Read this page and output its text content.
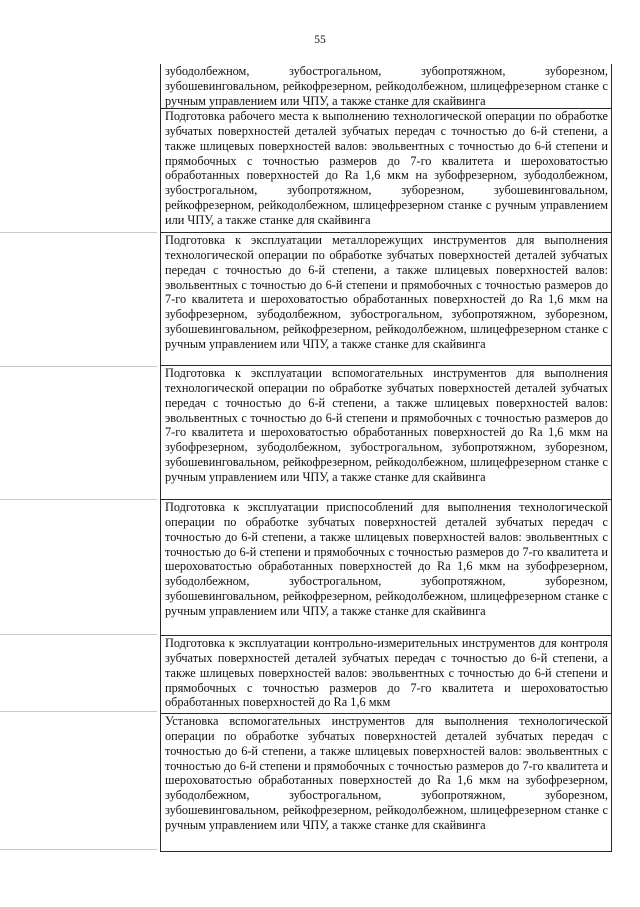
55
зубодолбежном, зубострогальном, зубопротяжном, зуборезном, зубошевинговальном, рейкофрезерном, рейкодолбежном, шлицефрезерном станке с ручным управлением или ЧПУ, а также станке для скайвинга
Подготовка рабочего места к выполнению технологической операции по обработке зубчатых поверхностей деталей зубчатых передач с точностью до 6-й степени, а также шлицевых поверхностей валов: эвольвентных с точностью до 6-й степени и прямобочных с точностью размеров до 7-го квалитета и шероховатостью обработанных поверхностей до Ra 1,6 мкм на зубофрезерном, зубодолбежном, зубострогальном, зубопротяжном, зуборезном, зубошевинговальном, рейкофрезерном, рейкодолбежном, шлицефрезерном станке с ручным управлением или ЧПУ, а также станке для скайвинга
Подготовка к эксплуатации металлорежущих инструментов для выполнения технологической операции по обработке зубчатых поверхностей деталей зубчатых передач с точностью до 6-й степени, а также шлицевых поверхностей валов: эвольвентных с точностью до 6-й степени и прямобочных с точностью размеров до 7-го квалитета и шероховатостью обработанных поверхностей до Ra 1,6 мкм на зубофрезерном, зубодолбежном, зубострогальном, зубопротяжном, зуборезном, зубошевинговальном, рейкофрезерном, рейкодолбежном, шлицефрезерном станке с ручным управлением или ЧПУ, а также станке для скайвинга
Подготовка к эксплуатации вспомогательных инструментов для выполнения технологической операции по обработке зубчатых поверхностей деталей зубчатых передач с точностью до 6-й степени, а также шлицевых поверхностей валов: эвольвентных с точностью до 6-й степени и прямобочных с точностью размеров до 7-го квалитета и шероховатостью обработанных поверхностей до Ra 1,6 мкм на зубофрезерном, зубодолбежном, зубострогальном, зубопротяжном, зуборезном, зубошевинговальном, рейкофрезерном, рейкодолбежном, шлицефрезерном станке с ручным управлением или ЧПУ, а также станке для скайвинга
Подготовка к эксплуатации приспособлений для выполнения технологической операции по обработке зубчатых поверхностей деталей зубчатых передач с точностью до 6-й степени, а также шлицевых поверхностей валов: эвольвентных с точностью до 6-й степени и прямобочных с точностью размеров до 7-го квалитета и шероховатостью обработанных поверхностей до Ra 1,6 мкм на зубофрезерном, зубодолбежном, зубострогальном, зубопротяжном, зуборезном, зубошевинговальном, рейкофрезерном, рейкодолбежном, шлицефрезерном станке с ручным управлением или ЧПУ, а также станке для скайвинга
Подготовка к эксплуатации контрольно-измерительных инструментов для контроля зубчатых поверхностей деталей зубчатых передач с точностью до 6-й степени, а также шлицевых поверхностей валов: эвольвентных с точностью до 6-й степени и прямобочных с точностью размеров до 7-го квалитета и шероховатостью обработанных поверхностей до Ra 1,6 мкм
Установка вспомогательных инструментов для выполнения технологической операции по обработке зубчатых поверхностей деталей зубчатых передач с точностью до 6-й степени, а также шлицевых поверхностей валов: эвольвентных с точностью до 6-й степени и прямобочных с точностью размеров до 7-го квалитета и шероховатостью обработанных поверхностей до Ra 1,6 мкм на зубофрезерном, зубодолбежном, зубострогальном, зубопротяжном, зуборезном, зубошевинговальном, рейкофрезерном, рейкодолбежном, шлицефрезерном станке с ручным управлением или ЧПУ, а также станке для скайвинга
